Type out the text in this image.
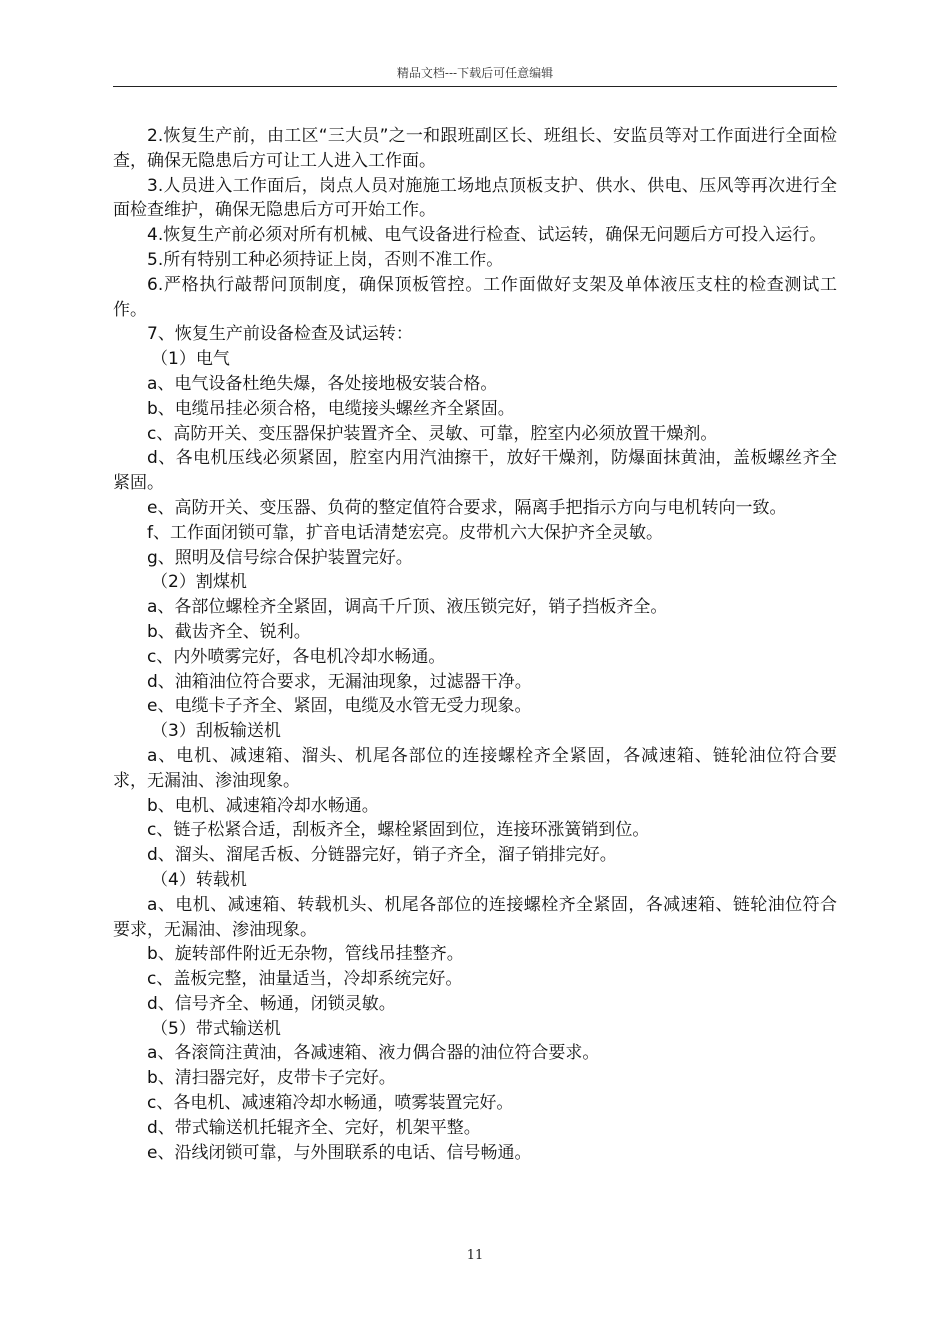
精品文档---下载后可任意编辑

2.恢复生产前，由工区“三大员”之一和跟班副区长、班组长、安监员等对工作面进行全面检查，确保无隐患后方可让工人进入工作面。

3.人员进入工作面后，岗点人员对施施工场地点顶板支护、供水、供电、压风等再次进行全面检查维护，确保无隐患后方可开始工作。

4.恢复生产前必须对所有机械、电气设备进行检查、试运转，确保无问题后方可投入运行。

5.所有特别工种必须持证上岗，否则不准工作。

6.严格执行敲帮问顶制度，确保顶板管控。工作面做好支架及单体液压支柱的检查测试工作。

7、恢复生产前设备检查及试运转：

（1）电气

a、电气设备杜绝失爆，各处接地极安装合格。

b、电缆吊挂必须合格，电缆接头螺丝齐全紧固。

c、高防开关、变压器保护装置齐全、灵敏、可靠，腔室内必须放置干燥剂。

d、各电机压线必须紧固，腔室内用汽油擦干，放好干燥剂，防爆面抹黄油，盖板螺丝齐全紧固。

e、高防开关、变压器、负荷的整定值符合要求，隔离手把指示方向与电机转向一致。

f、工作面闭锁可靠，扩音电话清楚宏亮。皮带机六大保护齐全灵敏。

g、照明及信号综合保护装置完好。

（2）割煤机

a、各部位螺栓齐全紧固，调高千斤顶、液压锁完好，销子挡板齐全。

b、截齿齐全、锐利。

c、内外喷雾完好，各电机冷却水畅通。

d、油箱油位符合要求，无漏油现象，过滤器干净。

e、电缆卡子齐全、紧固，电缆及水管无受力现象。

（3）刮板输送机

a、电机、减速箱、溜头、机尾各部位的连接螺栓齐全紧固，各减速箱、链轮油位符合要求，无漏油、渗油现象。

b、电机、减速箱冷却水畅通。

c、链子松紧合适，刮板齐全，螺栓紧固到位，连接环涨簧销到位。

d、溜头、溜尾舌板、分链器完好，销子齐全，溜子销排完好。

（4）转载机

a、电机、减速箱、转载机头、机尾各部位的连接螺栓齐全紧固，各减速箱、链轮油位符合要求，无漏油、渗油现象。

b、旋转部件附近无杂物，管线吊挂整齐。

c、盖板完整，油量适当，冷却系统完好。

d、信号齐全、畅通，闭锁灵敏。

（5）带式输送机

a、各滚筒注黄油，各减速箱、液力偶合器的油位符合要求。

b、清扫器完好，皮带卡子完好。

c、各电机、减速箱冷却水畅通，喷雾装置完好。

d、带式输送机托辊齐全、完好，机架平整。

e、沿线闭锁可靠，与外围联系的电话、信号畅通。

11
